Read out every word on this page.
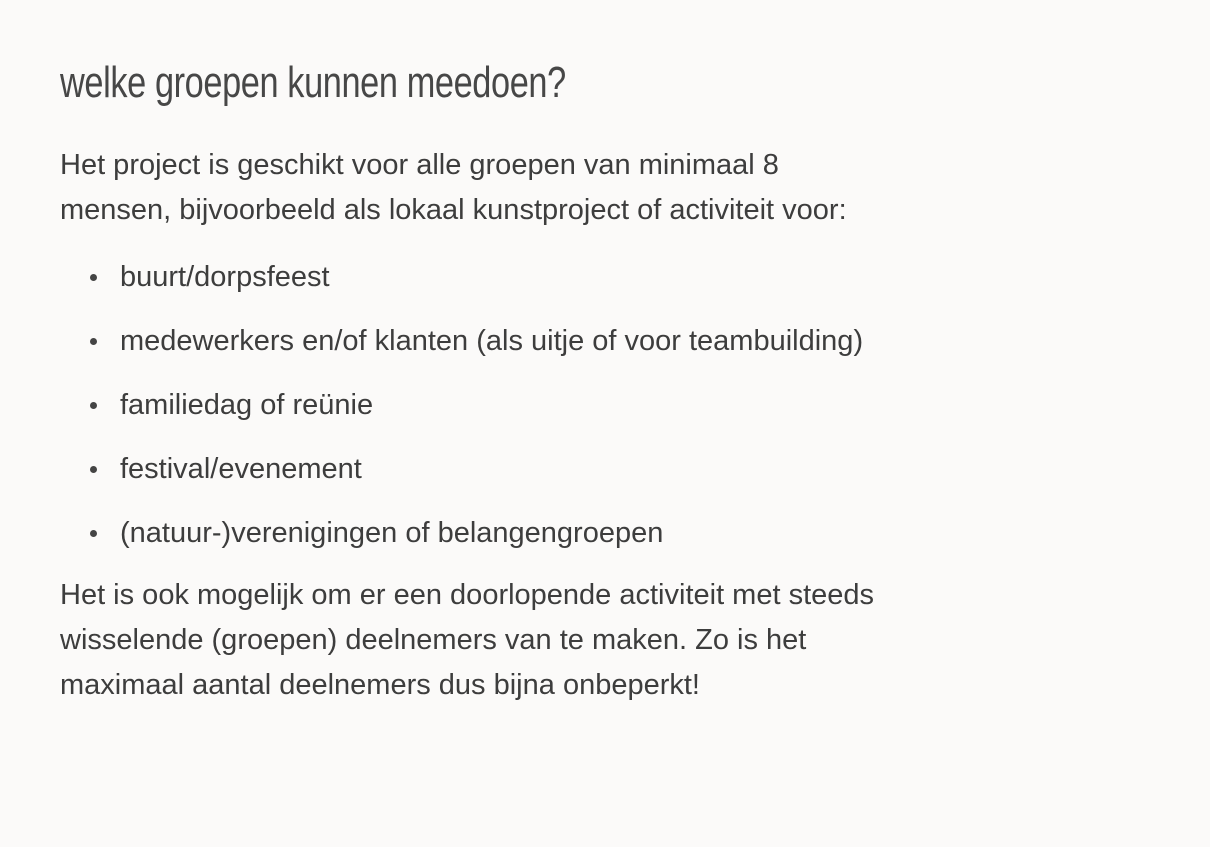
welke groepen kunnen meedoen?

Het project is geschikt voor alle groepen van minimaal 8
mensen, bijvoorbeeld als lokaal kunstproject of activiteit voor:

buurt/dorpsfeest
medewerkers en/of klanten (als uitje of voor teambuilding)
familiedag of reünie
festival/evenement
(natuur-)verenigingen of belangengroepen

Het is ook mogelijk om er een doorlopende activiteit met steeds
wisselende (groepen) deelnemers van te maken. Zo is het
maximaal aantal deelnemers dus bijna onbeperkt!
